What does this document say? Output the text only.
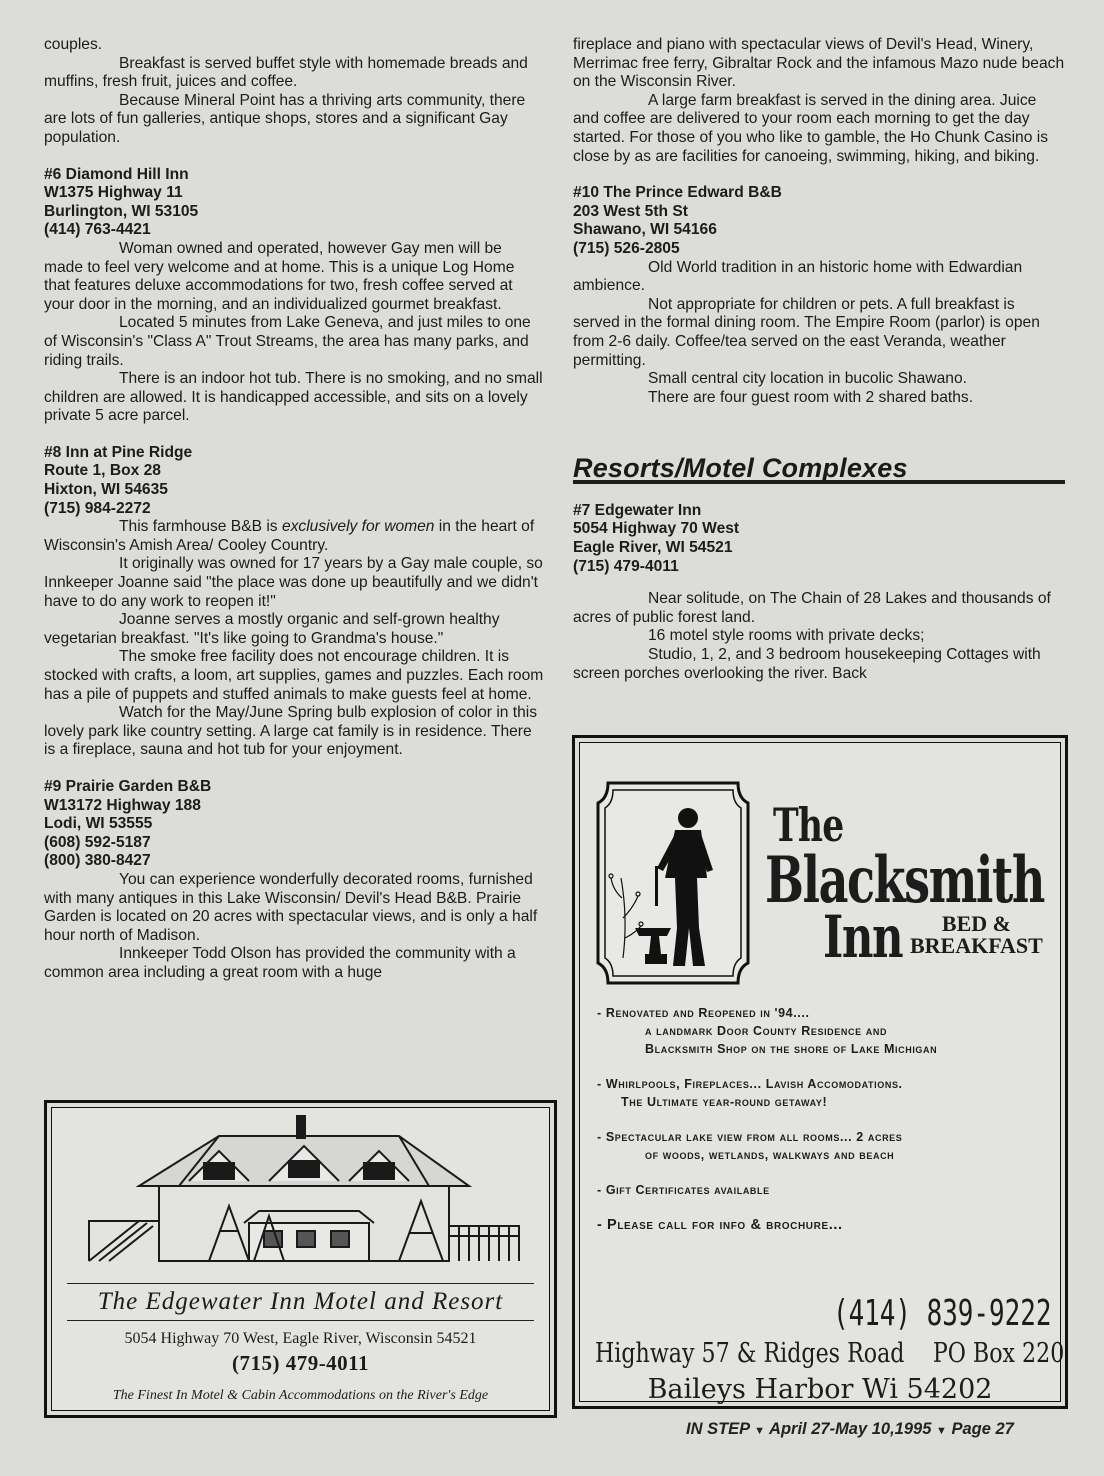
couples.

Breakfast is served buffet style with homemade breads and muffins, fresh fruit, juices and coffee.

Because Mineral Point has a thriving arts community, there are lots of fun galleries, antique shops, stores and a significant Gay population.

#6 Diamond Hill Inn
W1375 Highway 11
Burlington, WI 53105
(414) 763-4421

Woman owned and operated, however Gay men will be made to feel very welcome and at home. This is a unique Log Home that features deluxe accommodations for two, fresh coffee served at your door in the morning, and an individualized gourmet breakfast.

Located 5 minutes from Lake Geneva, and just miles to one of Wisconsin's "Class A" Trout Streams, the area has many parks, and riding trails.

There is an indoor hot tub. There is no smoking, and no small children are allowed. It is handicapped accessible, and sits on a lovely private 5 acre parcel.

#8 Inn at Pine Ridge
Route 1, Box 28
Hixton, WI 54635
(715) 984-2272

This farmhouse B&B is exclusively for women in the heart of Wisconsin's Amish Area/ Cooley Country.

It originally was owned for 17 years by a Gay male couple, so Innkeeper Joanne said "the place was done up beautifully and we didn't have to do any work to reopen it!"

Joanne serves a mostly organic and self-grown healthy vegetarian breakfast. "It's like going to Grandma's house."

The smoke free facility does not encourage children. It is stocked with crafts, a loom, art supplies, games and puzzles. Each room has a pile of puppets and stuffed animals to make guests feel at home.

Watch for the May/June Spring bulb explosion of color in this lovely park like country setting. A large cat family is in residence. There is a fireplace, sauna and hot tub for your enjoyment.

#9 Prairie Garden B&B
W13172 Highway 188
Lodi, WI 53555
(608) 592-5187
(800) 380-8427

You can experience wonderfully decorated rooms, furnished with many antiques in this Lake Wisconsin/ Devil's Head B&B. Prairie Garden is located on 20 acres with spectacular views, and is only a half hour north of Madison.

Innkeeper Todd Olson has provided the community with a common area including a great room with a huge

fireplace and piano with spectacular views of Devil's Head, Winery, Merrimac free ferry, Gibraltar Rock and the infamous Mazo nude beach on the Wisconsin River.

A large farm breakfast is served in the dining area. Juice and coffee are delivered to your room each morning to get the day started. For those of you who like to gamble, the Ho Chunk Casino is close by as are facilities for canoeing, swimming, hiking, and biking.

#10 The Prince Edward B&B
203 West 5th St
Shawano, WI 54166
(715) 526-2805

Old World tradition in an historic home with Edwardian ambience.

Not appropriate for children or pets. A full breakfast is served in the formal dining room. The Empire Room (parlor) is open from 2-6 daily. Coffee/tea served on the east Veranda, weather permitting.

Small central city location in bucolic Shawano.

There are four guest room with 2 shared baths.

Resorts/Motel Complexes
#7 Edgewater Inn
5054 Highway 70 West
Eagle River, WI 54521
(715) 479-4011

Near solitude, on The Chain of 28 Lakes and thousands of acres of public forest land.

16 motel style rooms with private decks;

Studio, 1, 2, and 3 bedroom housekeeping Cottages with screen porches overlooking the river. Back

The Edgewater Inn Motel and Resort
5054 Highway 70 West, Eagle River, Wisconsin 54521
(715) 479-4011
The Finest In Motel & Cabin Accommodations on the River's Edge
The
Blacksmith
Inn	BED &
BREAKFAST
- Renovated and Reopened in '94....
a landmark Door County Residence and
Blacksmith Shop on the shore of Lake Michigan
- Whirlpools, Fireplaces... Lavish Accomodations.
The Ultimate year-round getaway!
- Spectacular lake view from all rooms... 2 acres
of woods, wetlands, walkways and beach
- Gift Certificates available
- Please call for info & brochure...
(414) 839-9222
Highway 57 & Ridges Road PO Box 220
Baileys Harbor Wi 54202
IN STEP ▼ April 27-May 10,1995 ▼ Page 27
